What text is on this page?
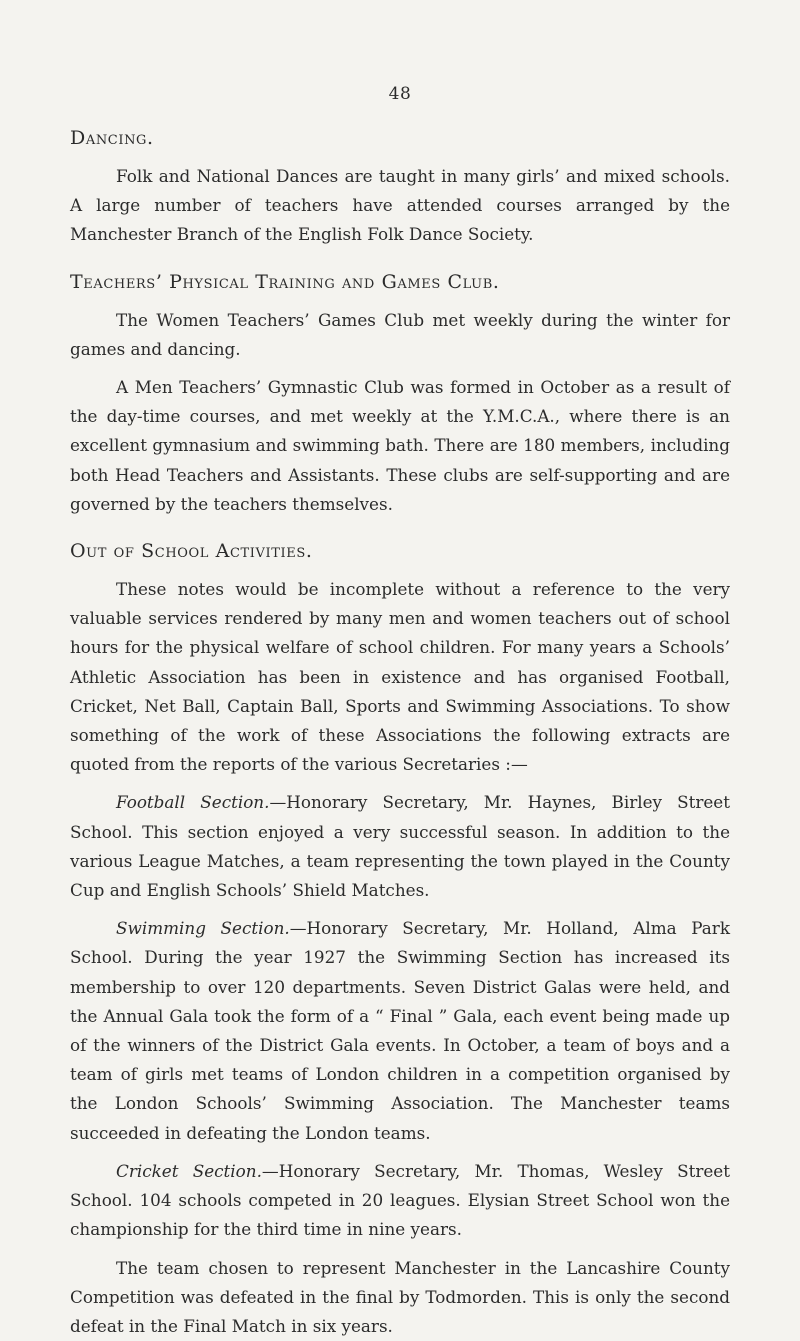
48
Dancing.

Folk and National Dances are taught in many girls’ and mixed schools. A large number of teachers have attended courses arranged by the Manchester Branch of the English Folk Dance Society.

Teachers’ Physical Training and Games Club.

The Women Teachers’ Games Club met weekly during the winter for games and dancing.

A Men Teachers’ Gymnastic Club was formed in October as a result of the day-time courses, and met weekly at the Y.M.C.A., where there is an excellent gymnasium and swimming bath. There are 180 members, including both Head Teachers and Assistants. These clubs are self-supporting and are governed by the teachers themselves.

Out of School Activities.

These notes would be incomplete without a reference to the very valuable services rendered by many men and women teachers out of school hours for the physical welfare of school children. For many years a Schools’ Athletic Association has been in existence and has organised Football, Cricket, Net Ball, Captain Ball, Sports and Swimming Associations. To show something of the work of these Associations the following extracts are quoted from the reports of the various Secretaries :—

Football Section.—Honorary Secretary, Mr. Haynes, Birley Street School. This section enjoyed a very successful season. In addition to the various League Matches, a team representing the town played in the County Cup and English Schools’ Shield Matches.

Swimming Section.—Honorary Secretary, Mr. Holland, Alma Park School. During the year 1927 the Swimming Section has increased its membership to over 120 departments. Seven District Galas were held, and the Annual Gala took the form of a “ Final ” Gala, each event being made up of the winners of the District Gala events. In October, a team of boys and a team of girls met teams of London children in a competition organised by the London Schools’ Swimming Association. The Manchester teams succeeded in defeating the London teams.

Cricket Section.—Honorary Secretary, Mr. Thomas, Wesley Street School. 104 schools competed in 20 leagues. Elysian Street School won the championship for the third time in nine years.

The team chosen to represent Manchester in the Lancashire County Competition was defeated in the final by Todmorden. This is only the second defeat in the Final Match in six years.
